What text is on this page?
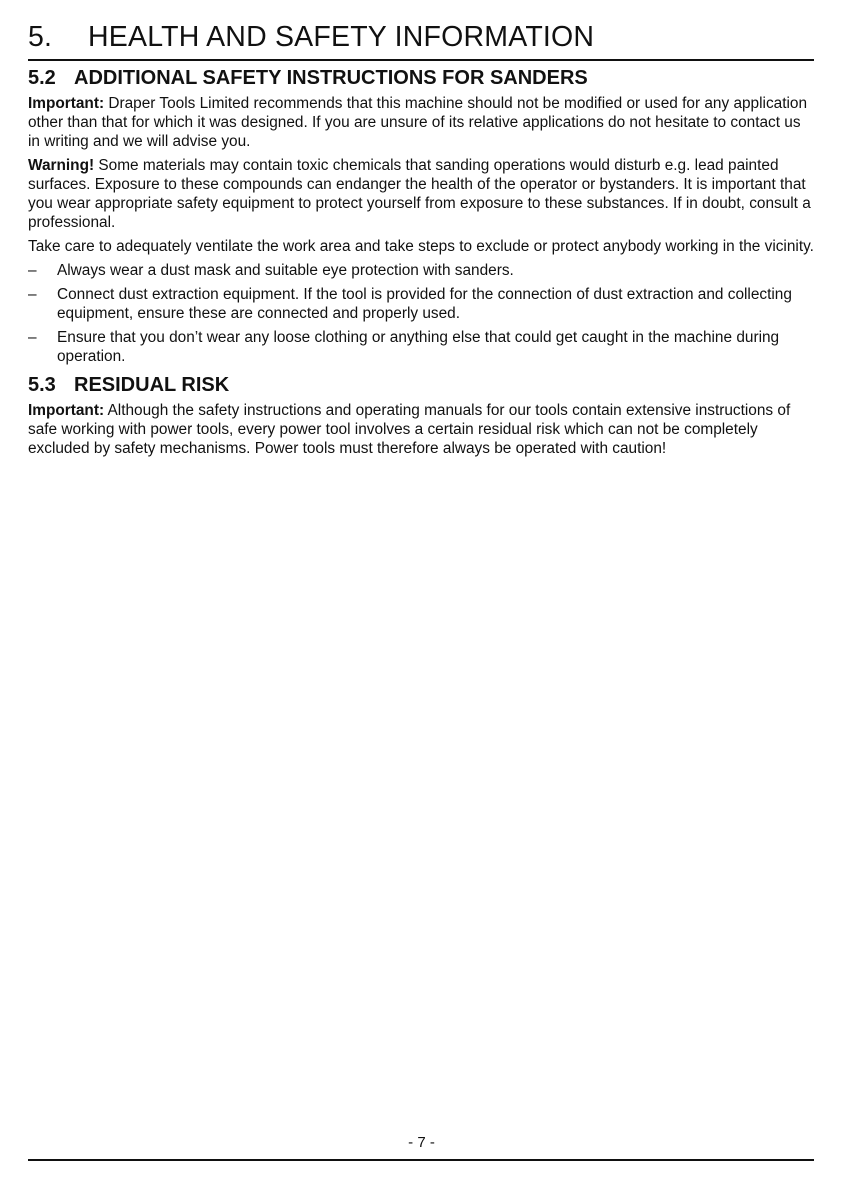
5. HEALTH AND SAFETY INFORMATION
5.2 ADDITIONAL SAFETY INSTRUCTIONS FOR SANDERS

Important: Draper Tools Limited recommends that this machine should not be modified or used for any application other than that for which it was designed. If you are unsure of its relative applications do not hesitate to contact us in writing and we will advise you.

Warning! Some materials may contain toxic chemicals that sanding operations would disturb e.g. lead painted surfaces. Exposure to these compounds can endanger the health of the operator or bystanders. It is important that you wear appropriate safety equipment to protect yourself from exposure to these substances. If in doubt, consult a professional.

Take care to adequately ventilate the work area and take steps to exclude or protect anybody working in the vicinity.

– Always wear a dust mask and suitable eye protection with sanders.
– Connect dust extraction equipment. If the tool is provided for the connection of dust extraction and collecting equipment, ensure these are connected and properly used.
– Ensure that you don’t wear any loose clothing or anything else that could get caught in the machine during operation.
5.3 RESIDUAL RISK

Important: Although the safety instructions and operating manuals for our tools contain extensive instructions of safe working with power tools, every power tool involves a certain residual risk which can not be completely excluded by safety mechanisms. Power tools must therefore always be operated with caution!

- 7 -
